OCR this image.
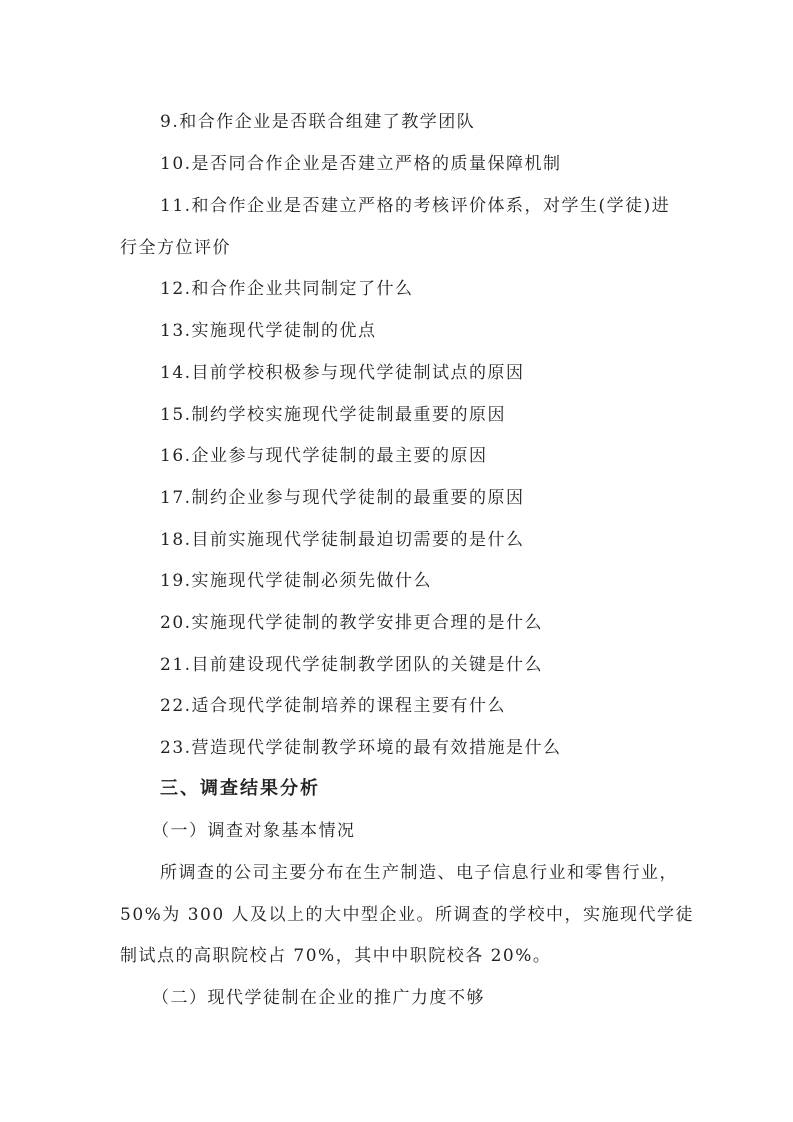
9.和合作企业是否联合组建了教学团队
10.是否同合作企业是否建立严格的质量保障机制
11.和合作企业是否建立严格的考核评价体系，对学生(学徒)进
行全方位评价
12.和合作企业共同制定了什么
13.实施现代学徒制的优点
14.目前学校积极参与现代学徒制试点的原因
15.制约学校实施现代学徒制最重要的原因
16.企业参与现代学徒制的最主要的原因
17.制约企业参与现代学徒制的最重要的原因
18.目前实施现代学徒制最迫切需要的是什么
19.实施现代学徒制必须先做什么
20.实施现代学徒制的教学安排更合理的是什么
21.目前建设现代学徒制教学团队的关键是什么
22.适合现代学徒制培养的课程主要有什么
23.营造现代学徒制教学环境的最有效措施是什么
三、调查结果分析
（一）调查对象基本情况
所调查的公司主要分布在生产制造、电子信息行业和零售行业，
50%为 300 人及以上的大中型企业。所调查的学校中，实施现代学徒
制试点的高职院校占 70%，其中中职院校各 20%。
（二）现代学徒制在企业的推广力度不够
